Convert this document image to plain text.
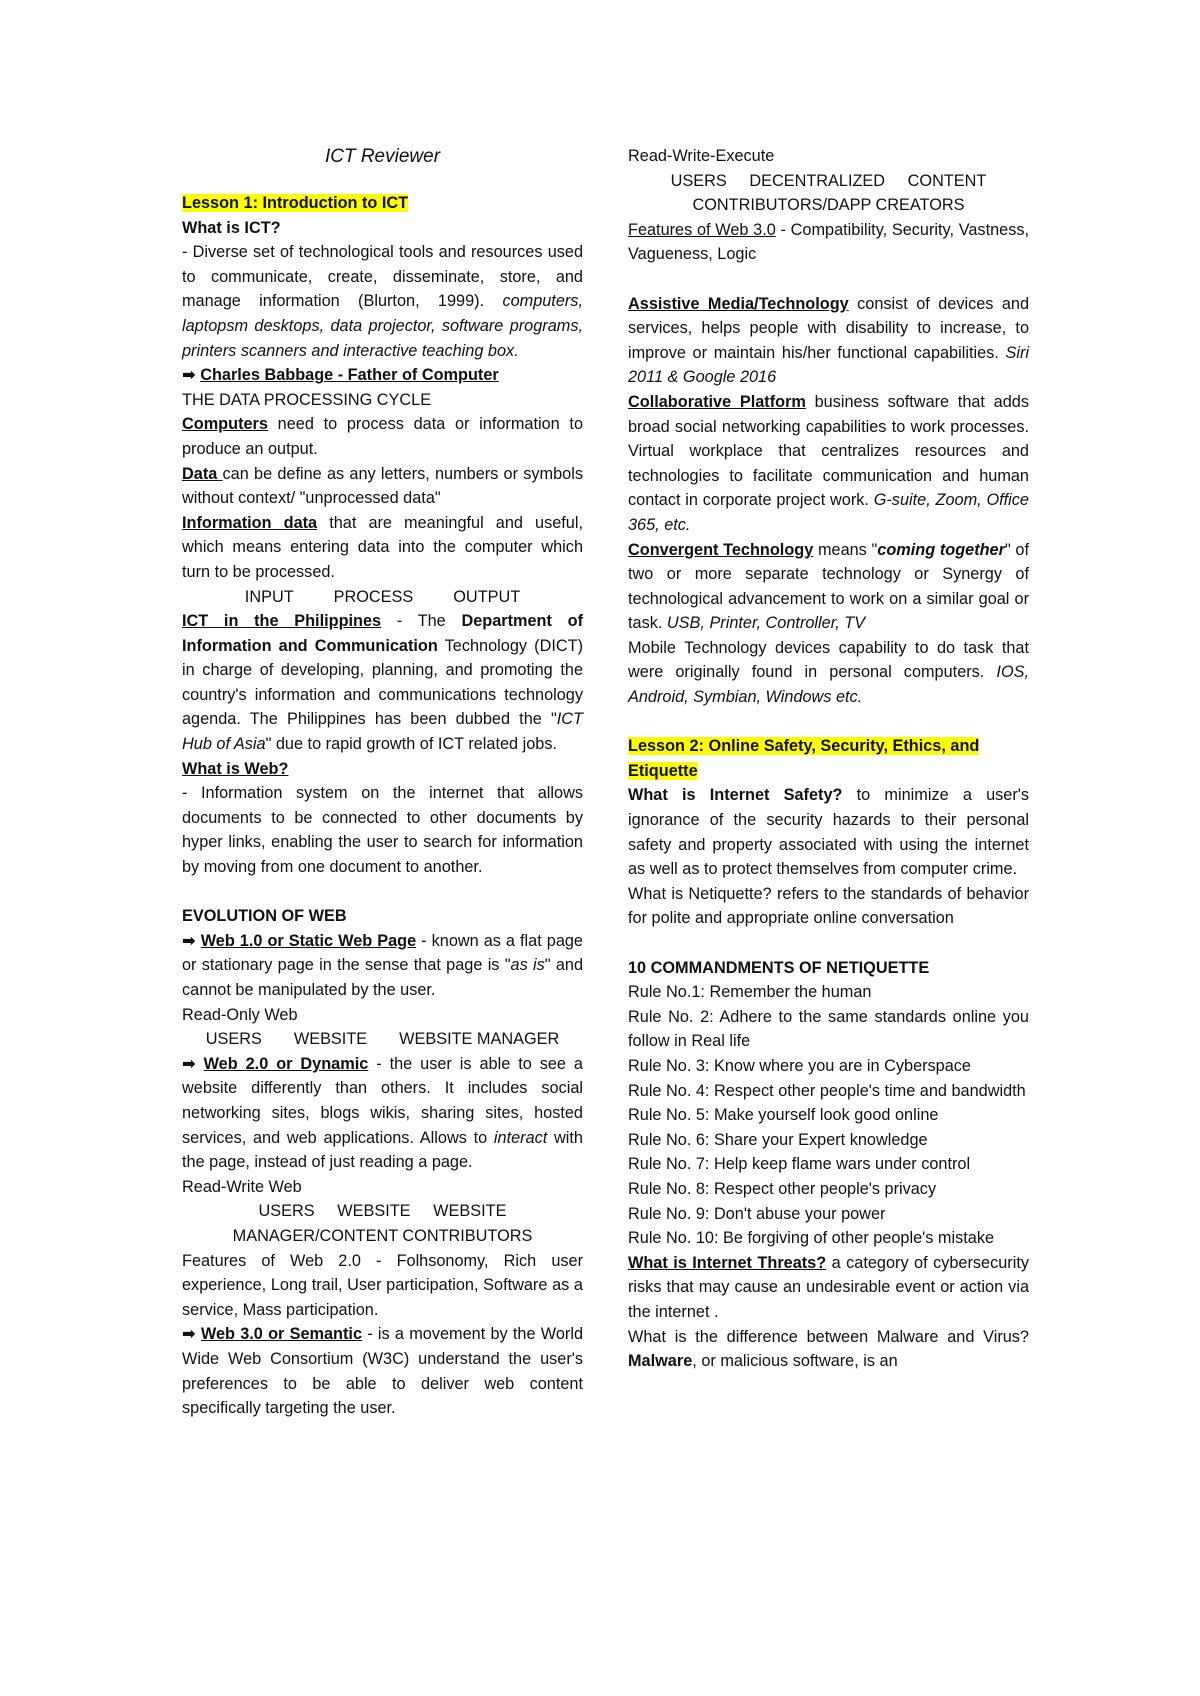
ICT Reviewer

Lesson 1: Introduction to ICT

What is ICT?

- Diverse set of technological tools and resources used to communicate, create, disseminate, store, and manage information (Blurton, 1999). computers, laptopsm desktops, data projector, software programs, printers scanners and interactive teaching box.

➡ Charles Babbage - Father of Computer

THE DATA PROCESSING CYCLE

Computers need to process data or information to produce an output.

Data can be define as any letters, numbers or symbols without context/ "unprocessed data"

Information data that are meaningful and useful, which means entering data into the computer which turn to be processed.

INPUT PROCESS OUTPUT

ICT in the Philippines - The Department of Information and Communication Technology (DICT) in charge of developing, planning, and promoting the country's information and communications technology agenda. The Philippines has been dubbed the "ICT Hub of Asia" due to rapid growth of ICT related jobs.

What is Web?

- Information system on the internet that allows documents to be connected to other documents by hyper links, enabling the user to search for information by moving from one document to another.

EVOLUTION OF WEB

➡ Web 1.0 or Static Web Page - known as a flat page or stationary page in the sense that page is "as is" and cannot be manipulated by the user.

Read-Only Web

USERS WEBSITE WEBSITE MANAGER

➡ Web 2.0 or Dynamic - the user is able to see a website differently than others. It includes social networking sites, blogs wikis, sharing sites, hosted services, and web applications. Allows to interact with the page, instead of just reading a page.

Read-Write Web

USERS     WEBSITE     WEBSITE

MANAGER/CONTENT CONTRIBUTORS

Features of Web 2.0 - Folhsonomy, Rich user experience, Long trail, User participation, Software as a service, Mass participation.

➡ Web 3.0 or Semantic - is a movement by the World Wide Web Consortium (W3C) understand the user's preferences to be able to deliver web content specifically targeting the user.

Read-Write-Execute

USERS     DECENTRALIZED     CONTENT

CONTRIBUTORS/DAPP CREATORS

Features of Web 3.0 - Compatibility, Security, Vastness, Vagueness, Logic

Assistive Media/Technology consist of devices and services, helps people with disability to increase, to improve or maintain his/her functional capabilities. Siri 2011 & Google 2016

Collaborative Platform business software that adds broad social networking capabilities to work processes. Virtual workplace that centralizes resources and technologies to facilitate communication and human contact in corporate project work. G-suite, Zoom, Office 365, etc.

Convergent Technology means "coming together" of two or more separate technology or Synergy of technological advancement to work on a similar goal or task. USB, Printer, Controller, TV

Mobile Technology devices capability to do task that were originally found in personal computers. IOS, Android, Symbian, Windows etc.

Lesson 2: Online Safety, Security, Ethics, and Etiquette

What is Internet Safety? to minimize a user's ignorance of the security hazards to their personal safety and property associated with using the internet as well as to protect themselves from computer crime.

What is Netiquette? refers to the standards of behavior for polite and appropriate online conversation

10 COMMANDMENTS OF NETIQUETTE

Rule No.1: Remember the human

Rule No. 2: Adhere to the same standards online you follow in Real life

Rule No. 3: Know where you are in Cyberspace

Rule No. 4: Respect other people's time and bandwidth

Rule No. 5: Make yourself look good online

Rule No. 6: Share your Expert knowledge

Rule No. 7: Help keep flame wars under control

Rule No. 8: Respect other people's privacy

Rule No. 9: Don't abuse your power

Rule No. 10: Be forgiving of other people's mistake

What is Internet Threats? a category of cybersecurity risks that may cause an undesirable event or action via the internet .

What is the difference between Malware and Virus? Malware, or malicious software, is an
